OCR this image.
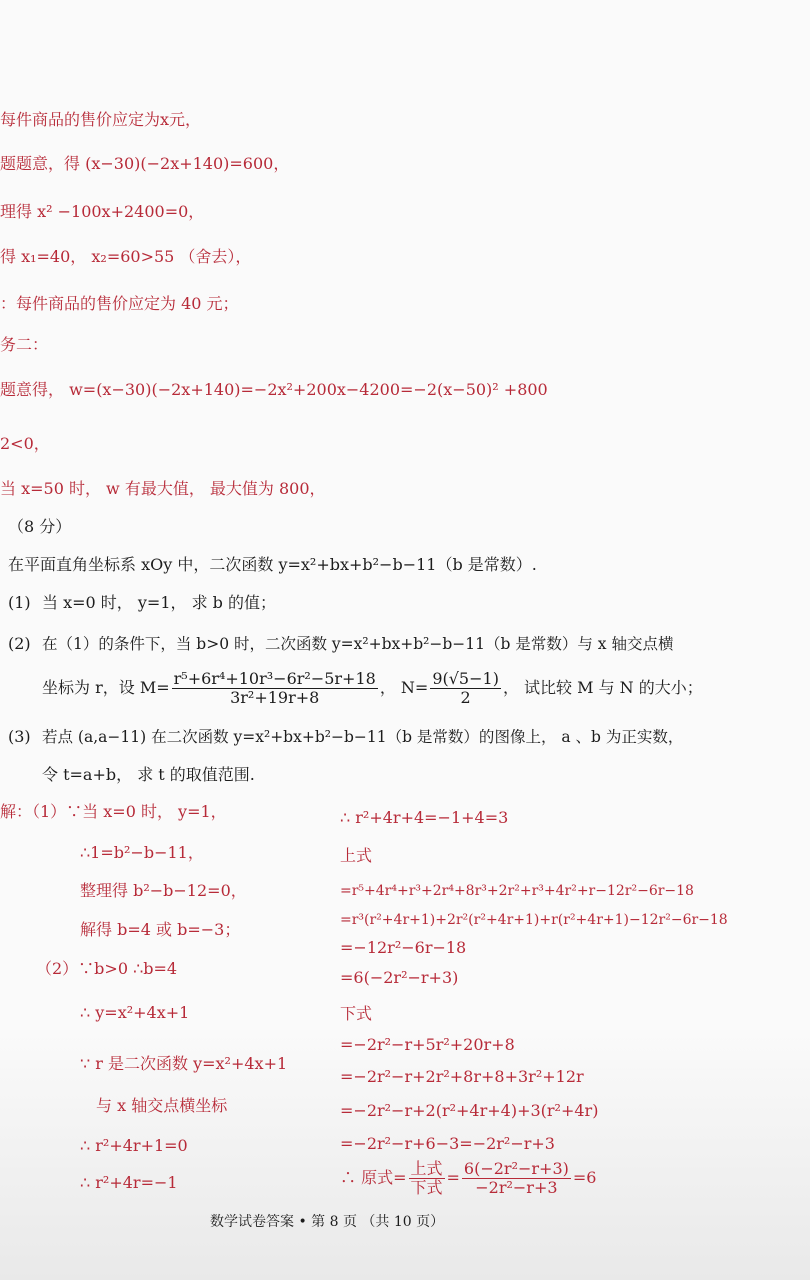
每件商品的售价应定为x元，
题题意，得 (x−30)(−2x+140)=600，
理得 x² −100x+2400=0，
得 x₁=40， x₂=60>55 （舍去），
：每件商品的售价应定为 40 元；
务二：
题意得， w=(x−30)(−2x+140)=−2x²+200x−4200=−2(x−50)² +800
2<0，
当 x=50 时， w 有最大值， 最大值为 800，
（8 分）
在平面直角坐标系 xOy 中，二次函数 y=x²+bx+b²−b−11（b 是常数）.
(1) 当 x=0 时， y=1， 求 b 的值；
(2) 在（1）的条件下，当 b>0 时，二次函数 y=x²+bx+b²−b−11（b 是常数）与 x 轴交点横
坐标为 r，设 $M= \frac{\text{r⁵+6r⁴+10r³−6r²−5r+18}}{\text{3r²+19r+8}}$ ， $N= \frac{9(√5-1)}{2}$ ， 试比较 M 与 N 的大小；
(3) 若点 (a,a−11) 在二次函数 y=x²+bx+b²−b−11（b 是常数）的图像上， a 、b 为正实数，
令 t=a+b， 求 t 的取值范围.
解：（1）∵当 x=0 时， y=1，
∴1=b²−b−11，
整理得 b²−b−12=0，
解得 b=4 或 b=−3；
（2）∵b>0 ∴b=4
∴ y=x²+4x+1
∵ r 是二次函数 y=x²+4x+1
与 x 轴交点横坐标
∴ r²+4r+1=0
∴ r²+4r=−1
∴ r²+4r+4=−1+4=3
上式
=r⁵+4r⁴+r³+2r⁴+8r³+2r²+r³+4r²+r−12r²−6r−18
=r³(r²+4r+1)+2r²(r²+4r+1)+r(r²+4r+1)−12r²−6r−18
=−12r²−6r−18
=6(−2r²−r+3)
下式
=−2r²−r+5r²+20r+8
=−2r²−r+2r²+8r+8+3r²+12r
=−2r²−r+2(r²+4r+4)+3(r²+4r)
=−2r²−r+6−3=−2r²−r+3
∴ 原式= $\frac{\text{上式}}{\text{下式}} = \frac{\text{6(−2r²−r+3)}}{\text{−2r²−r+3}} =6$
数学试卷答案 • 第 8 页 （共 10 页）
